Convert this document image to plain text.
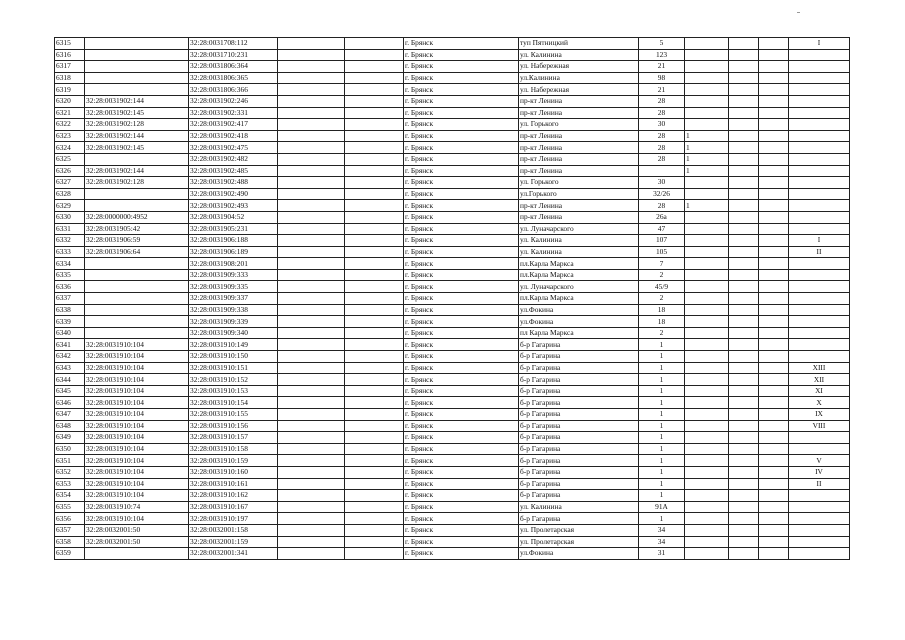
6315		32:28:0031708:112			г. Брянск	туп Пятницкий	5				I
6316		32:28:0031710:231			г. Брянск	ул. Калинина	123				
6317		32:28:0031806:364			г. Брянск	ул. Набережная	21				
6318		32:28:0031806:365			г. Брянск	ул.Калинина	98				
6319		32:28:0031806:366			г. Брянск	ул. Набережная	21				
6320	32:28:0031902:144	32:28:0031902:246			г. Брянск	пр-кт Ленина	28				
6321	32:28:0031902:145	32:28:0031902:331			г. Брянск	пр-кт Ленина	28				
6322	32:28:0031902:128	32:28:0031902:417			г. Брянск	ул. Горького	30				
6323	32:28:0031902:144	32:28:0031902:418			г. Брянск	пр-кт Ленина	28	1			
6324	32:28:0031902:145	32:28:0031902:475			г. Брянск	пр-кт Ленина	28	1			
6325		32:28:0031902:482			г. Брянск	пр-кт Ленина	28	1			
6326	32:28:0031902:144	32:28:0031902:485			г. Брянск	пр-кт Ленина		1			
6327	32:28:0031902:128	32:28:0031902:488			г. Брянск	ул. Горького	30				
6328		32:28:0031902:490			г. Брянск	ул.Горького	32/26				
6329		32:28:0031902:493			г. Брянск	пр-кт Ленина	28	1			
6330	32:28:0000000:4952	32:28:0031904:52			г. Брянск	пр-кт Ленина	26а				
6331	32:28:0031905:42	32:28:0031905:231			г. Брянск	ул. Луначарского	47				
6332	32:28:0031906:59	32:28:0031906:188			г. Брянск	ул. Калинина	107				I
6333	32:28:0031906:64	32:28:0031906:189			г. Брянск	ул. Калинина	105				II
6334		32:28:0031908:201			г. Брянск	пл.Карла Маркса	7				
6335		32:28:0031909:333			г. Брянск	пл.Карла Маркса	2				
6336		32:28:0031909:335			г. Брянск	ул. Луначарского	45/9				
6337		32:28:0031909:337			г. Брянск	пл.Карла Маркса	2				
6338		32:28:0031909:338			г. Брянск	ул.Фокина	18				
6339		32:28:0031909:339			г. Брянск	ул.Фокина	18				
6340		32:28:0031909:340			г. Брянск	пл Карла Маркса	2				
6341	32:28:0031910:104	32:28:0031910:149			г. Брянск	б-р Гагарина	1				
6342	32:28:0031910:104	32:28:0031910:150			г. Брянск	б-р Гагарина	1				
6343	32:28:0031910:104	32:28:0031910:151			г. Брянск	б-р Гагарина	1				XIII
6344	32:28:0031910:104	32:28:0031910:152			г. Брянск	б-р Гагарина	1				XII
6345	32:28:0031910:104	32:28:0031910:153			г. Брянск	б-р Гагарина	1				XI
6346	32:28:0031910:104	32:28:0031910:154			г. Брянск	б-р Гагарина	1				X
6347	32:28:0031910:104	32:28:0031910:155			г. Брянск	б-р Гагарина	1				IX
6348	32:28:0031910:104	32:28:0031910:156			г. Брянск	б-р Гагарина	1				VIII
6349	32:28:0031910:104	32:28:0031910:157			г. Брянск	б-р Гагарина	1				
6350	32:28:0031910:104	32:28:0031910:158			г. Брянск	б-р Гагарина	1				
6351	32:28:0031910:104	32:28:0031910:159			г. Брянск	б-р Гагарина	1				V
6352	32:28:0031910:104	32:28:0031910:160			г. Брянск	б-р Гагарина	1				IV
6353	32:28:0031910:104	32:28:0031910:161			г. Брянск	б-р Гагарина	1				II
6354	32:28:0031910:104	32:28:0031910:162			г. Брянск	б-р Гагарина	1				
6355	32:28:0031910:74	32:28:0031910:167			г. Брянск	ул. Калинина	91А				
6356	32:28:0031910:104	32:28:0031910:197			г. Брянск	б-р Гагарина	1				
6357	32:28:0032001:50	32:28:0032001:158			г. Брянск	ул. Пролетарская	34				
6358	32:28:0032001:50	32:28:0032001:159			г. Брянск	ул. Пролетарская	34				
6359		32:28:0032001:341			г. Брянск	ул.Фокина	31				
